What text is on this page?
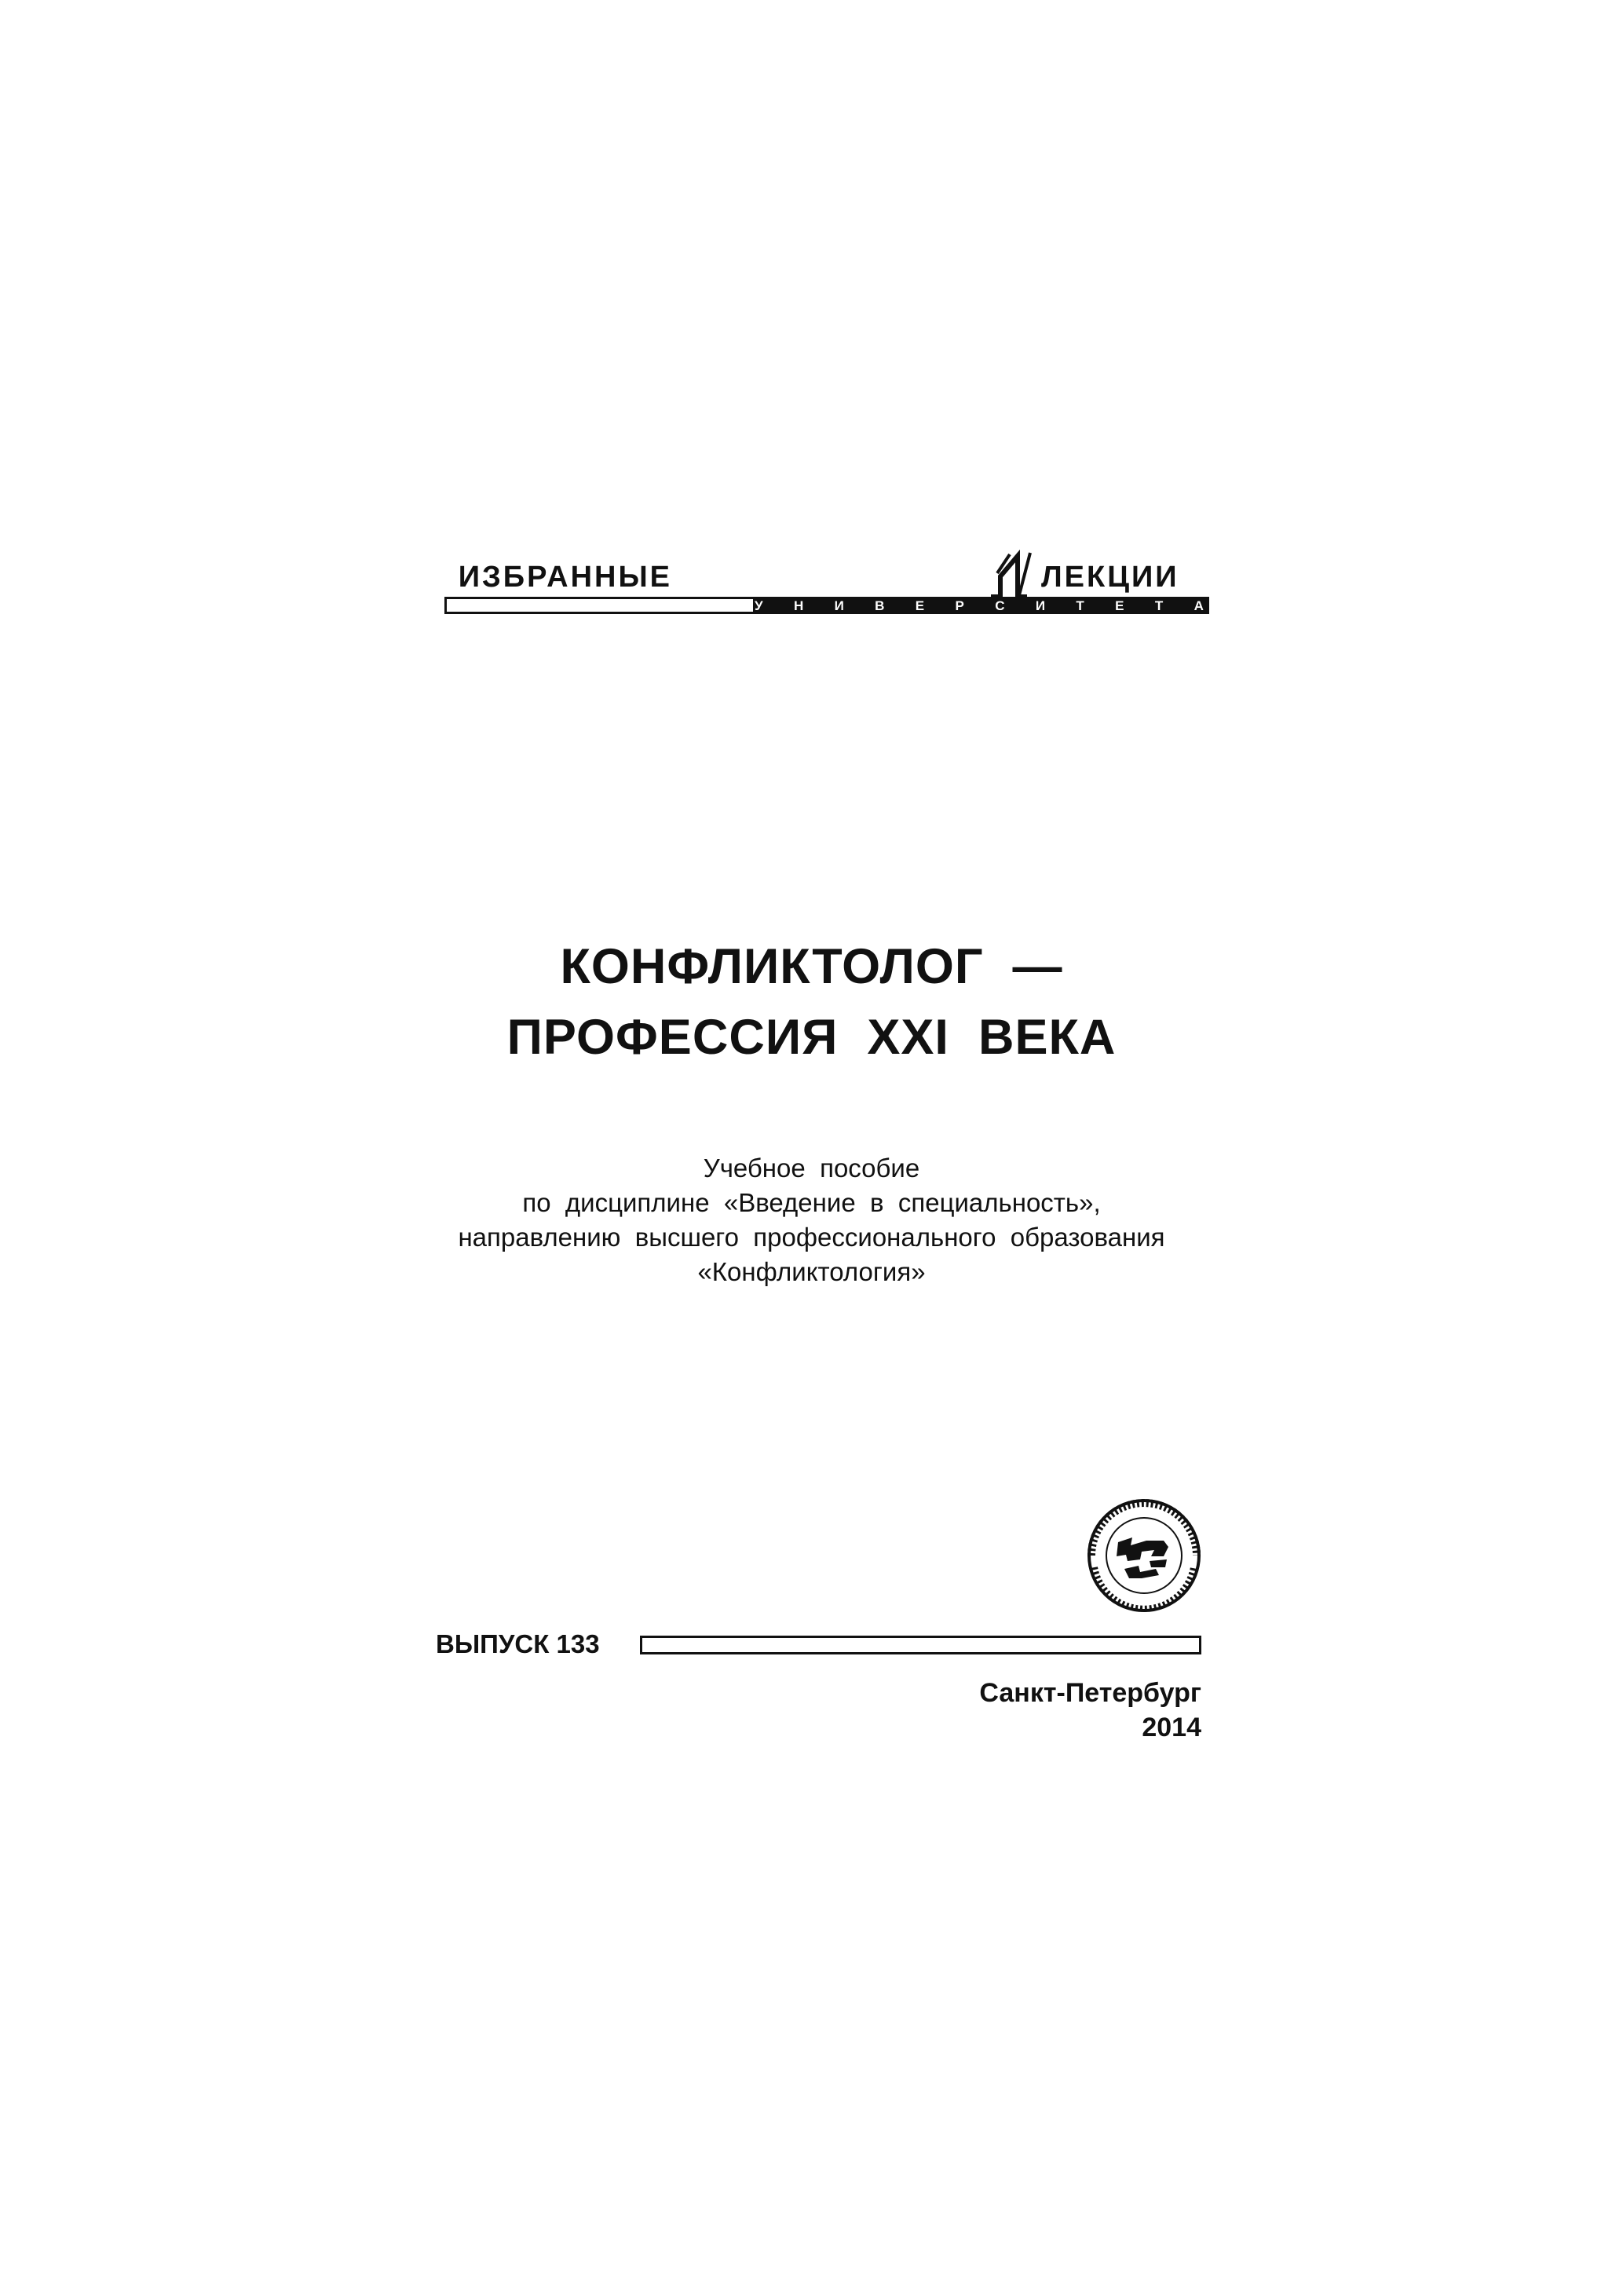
ИЗБРАННЫЕ	ЛЕКЦИИ
У Н И В Е Р С И Т Е Т А
КОНФЛИКТОЛОГ  —
ПРОФЕССИЯ  XXI  ВЕКА
Учебное  пособие
по  дисциплине  «Введение  в  специальность»,
направлению  высшего  профессионального  образования
«Конфликтология»
ВЫПУСК 133
Санкт-Петербург
2014
